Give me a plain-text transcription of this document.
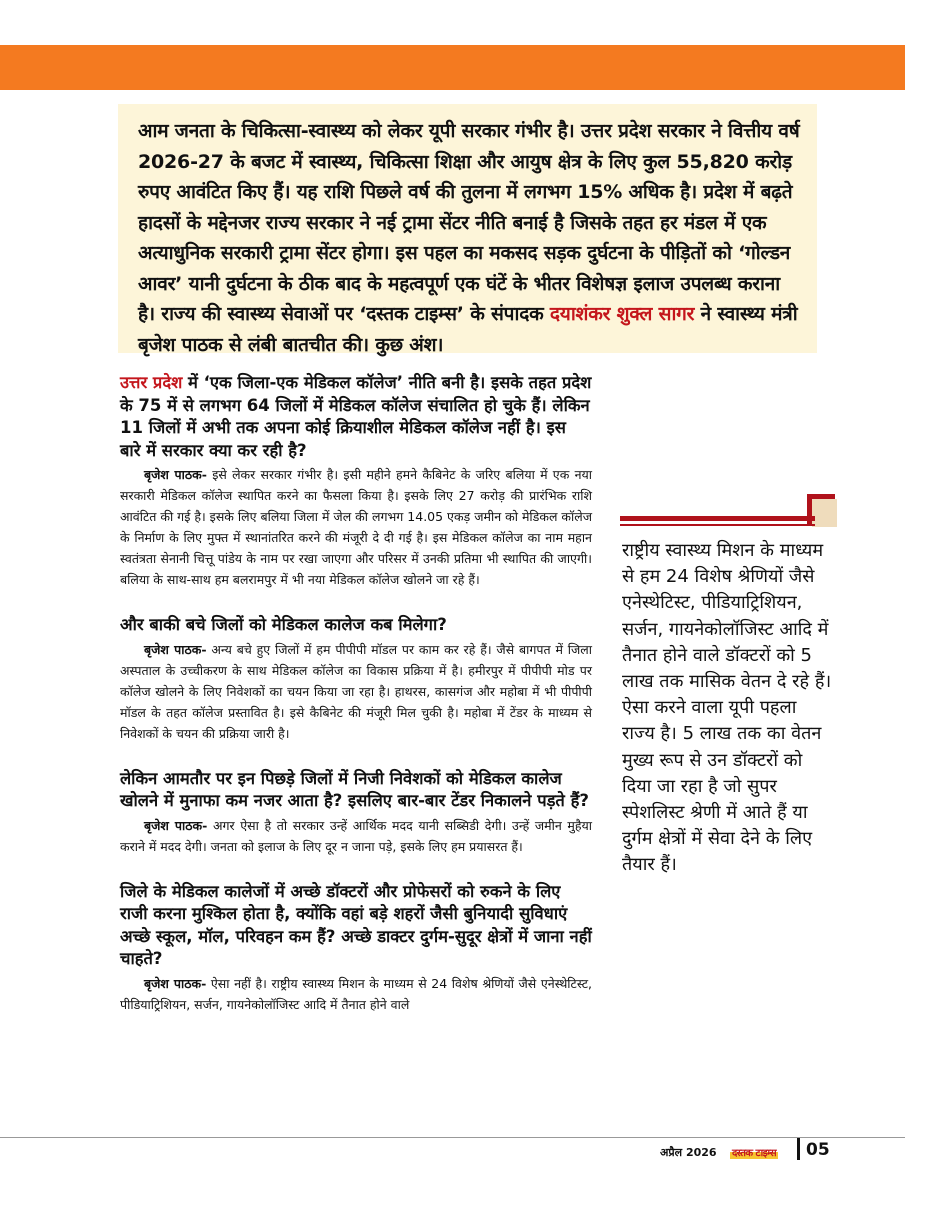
आम जनता के चिकित्सा-स्वास्थ्य को लेकर यूपी सरकार गंभीर है। उत्तर प्रदेश सरकार ने वित्तीय वर्ष 2026-27 के बजट में स्वास्थ्य, चिकित्सा शिक्षा और आयुष क्षेत्र के लिए कुल 55,820 करोड़ रुपए आवंटित किए हैं। यह राशि पिछले वर्ष की तुलना में लगभग 15% अधिक है। प्रदेश में बढ़ते हादसों के मद्देनजर राज्य सरकार ने नई ट्रामा सेंटर नीति बनाई है जिसके तहत हर मंडल में एक अत्याधुनिक सरकारी ट्रामा सेंटर होगा। इस पहल का मकसद सड़क दुर्घटना के पीड़ितों को ‘गोल्डन आवर’ यानी दुर्घटना के ठीक बाद के महत्वपूर्ण एक घंटें के भीतर विशेषज्ञ इलाज उपलब्ध कराना है। राज्य की स्वास्थ्य सेवाओं पर ‘दस्तक टाइम्स’ के संपादक दयाशंकर शुक्ल सागर ने स्वास्थ्य मंत्री बृजेश पाठक से लंबी बातचीत की। कुछ अंश।

उत्तर प्रदेश में ‘एक जिला-एक मेडिकल कॉलेज’ नीति बनी है। इसके तहत प्रदेश के 75 में से लगभग 64 जिलों में मेडिकल कॉलेज संचालित हो चुके हैं। लेकिन 11 जिलों में अभी तक अपना कोई क्रियाशील मेडिकल कॉलेज नहीं है। इस बारे में सरकार क्या कर रही है?

बृजेश पाठक- इसे लेकर सरकार गंभीर है। इसी महीने हमने कैबिनेट के जरिए बलिया में एक नया सरकारी मेडिकल कॉलेज स्थापित करने का फैसला किया है। इसके लिए 27 करोड़ की प्रारंभिक राशि आवंटित की गई है। इसके लिए बलिया जिला में जेल की लगभग 14.05 एकड़ जमीन को मेडिकल कॉलेज के निर्माण के लिए मुफ्त में स्थानांतरित करने की मंजूरी दे दी गई है। इस मेडिकल कॉलेज का नाम महान स्वतंत्रता सेनानी चित्तू पांडेय के नाम पर रखा जाएगा और परिसर में उनकी प्रतिमा भी स्थापित की जाएगी। बलिया के साथ-साथ हम बलरामपुर में भी नया मेडिकल कॉलेज खोलने जा रहे हैं।

और बाकी बचे जिलों को मेडिकल कालेज कब मिलेगा?

बृजेश पाठक- अन्य बचे हुए जिलों में हम पीपीपी मॉडल पर काम कर रहे हैं। जैसे बागपत में जिला अस्पताल के उच्चीकरण के साथ मेडिकल कॉलेज का विकास प्रक्रिया में है। हमीरपुर में पीपीपी मोड पर कॉलेज खोलने के लिए निवेशकों का चयन किया जा रहा है। हाथरस, कासगंज और महोबा में भी पीपीपी मॉडल के तहत कॉलेज प्रस्तावित है। इसे कैबिनेट की मंजूरी मिल चुकी है। महोबा में टेंडर के माध्यम से निवेशकों के चयन की प्रक्रिया जारी है।

लेकिन आमतौर पर इन पिछड़े जिलों में निजी निवेशकों को मेडिकल कालेज खोलने में मुनाफा कम नजर आता है? इसलिए बार-बार टेंडर निकालने पड़ते हैं?

बृजेश पाठक- अगर ऐसा है तो सरकार उन्हें आर्थिक मदद यानी सब्सिडी देगी। उन्हें जमीन मुहैया कराने में मदद देगी। जनता को इलाज के लिए दूर न जाना पड़े, इसके लिए हम प्रयासरत हैं।

जिले के मेडिकल कालेजों में अच्छे डॉक्टरों और प्रोफेसरों को रुकने के लिए राजी करना मुश्किल होता है, क्योंकि वहां बड़े शहरों जैसी बुनियादी सुविधाएं अच्छे स्कूल, मॉल, परिवहन कम हैं? अच्छे डाक्टर दुर्गम-सुदूर क्षेत्रों में जाना नहीं चाहते?

बृजेश पाठक- ऐसा नहीं है। राष्ट्रीय स्वास्थ्य मिशन के माध्यम से 24 विशेष श्रेणियों जैसे एनेस्थेटिस्ट, पीडियाट्रिशियन, सर्जन, गायनेकोलॉजिस्ट आदि में तैनात होने वाले

राष्ट्रीय स्वास्थ्य मिशन के माध्यम से हम 24 विशेष श्रेणियों जैसे एनेस्थेटिस्ट, पीडियाट्रिशियन, सर्जन, गायनेकोलॉजिस्ट आदि में तैनात होने वाले डॉक्टरों को 5 लाख तक मासिक वेतन दे रहे हैं। ऐसा करने वाला यूपी पहला राज्य है। 5 लाख तक का वेतन मुख्य रूप से उन डॉक्टरों को दिया जा रहा है जो सुपर स्पेशलिस्ट श्रेणी में आते हैं या दुर्गम क्षेत्रों में सेवा देने के लिए तैयार हैं।

अप्रैल 2026 दस्तक टाइम्स 05
